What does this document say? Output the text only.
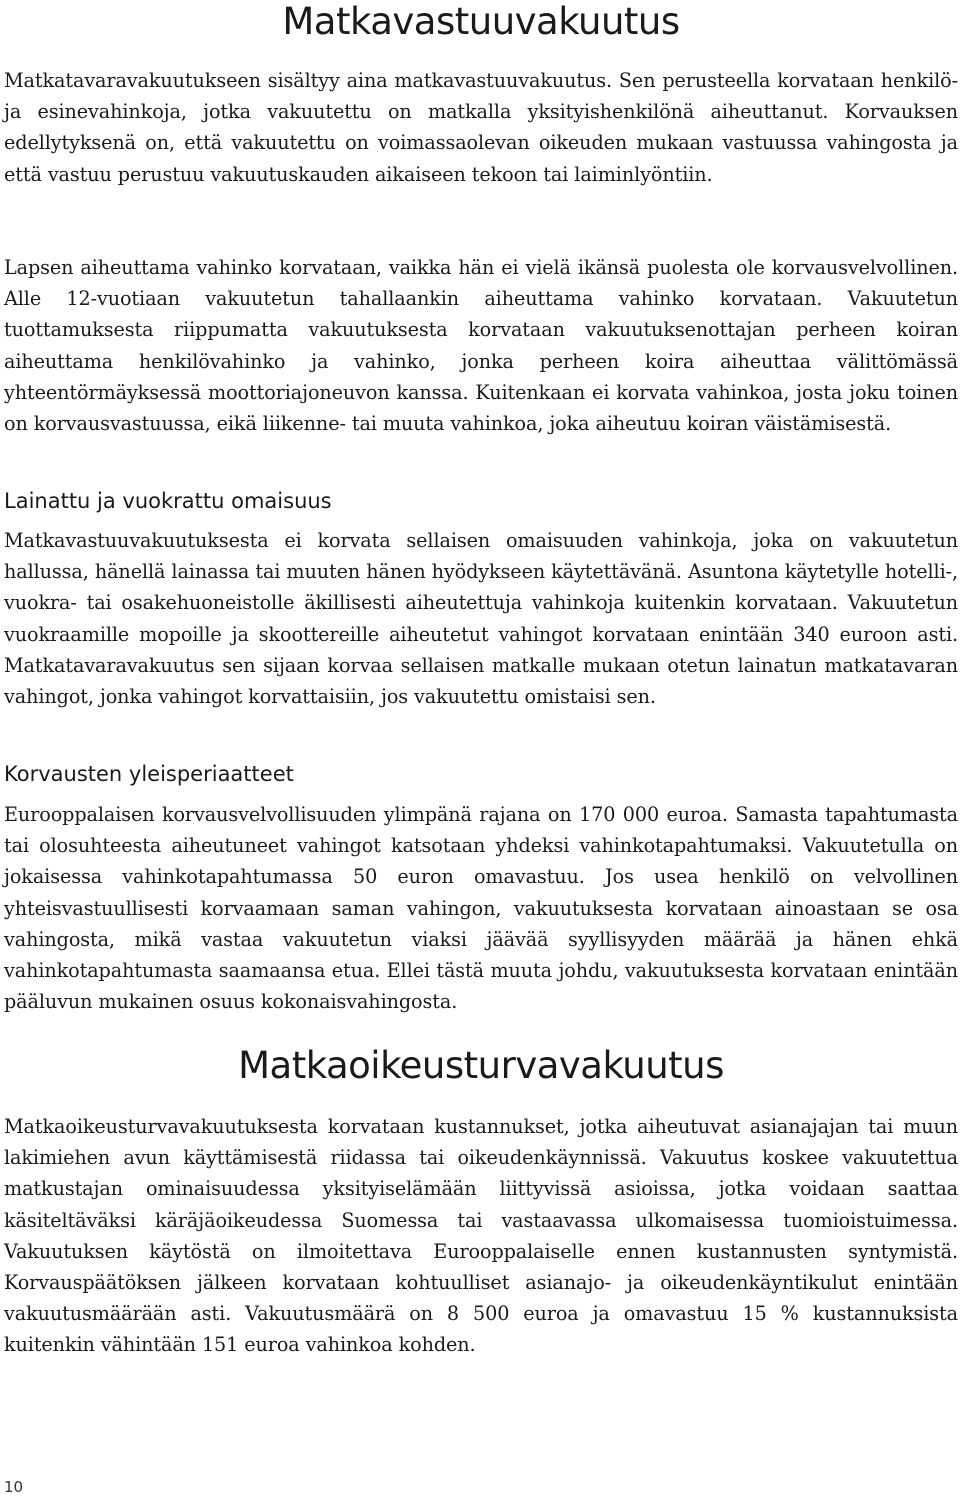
Matkavastuuvakuutus

Matkatavaravakuutukseen sisältyy aina matkavastuuvakuutus. Sen perusteella korvataan henkilö- ja esinevahinkoja, jotka vakuutettu on matkalla yksityishenkilönä aiheuttanut. Korvauksen edellytyksenä on, että vakuutettu on voimassaolevan oikeuden mukaan vastuussa vahingosta ja että vastuu perustuu vakuutuskauden aikaiseen tekoon tai laiminlyöntiin.

Lapsen aiheuttama vahinko korvataan, vaikka hän ei vielä ikänsä puolesta ole korvausvelvollinen. Alle 12-vuotiaan vakuutetun tahallaankin aiheuttama vahinko korvataan. Vakuutetun tuottamuksesta riippumatta vakuutuksesta korvataan vakuutuksenottajan perheen koiran aiheuttama henkilövahinko ja vahinko, jonka perheen koira aiheuttaa välittömässä yhteentörmäyksessä moottoriajoneuvon kanssa. Kuitenkaan ei korvata vahinkoa, josta joku toinen on korvausvastuussa, eikä liikenne- tai muuta vahinkoa, joka aiheutuu koiran väistämisestä.

Lainattu ja vuokrattu omaisuus

Matkavastuuvakuutuksesta ei korvata sellaisen omaisuuden vahinkoja, joka on vakuutetun hallussa, hänellä lainassa tai muuten hänen hyödykseen käytettävänä. Asuntona käytetylle hotelli-, vuokra- tai osakehuoneistolle äkillisesti aiheutettuja vahinkoja kuitenkin korvataan. Vakuutetun vuokraamille mopoille ja skoottereille aiheutetut vahingot korvataan enintään 340 euroon asti. Matkatavaravakuutus sen sijaan korvaa sellaisen matkalle mukaan otetun lainatun matkatavaran vahingot, jonka vahingot korvattaisiin, jos vakuutettu omistaisi sen.

Korvausten yleisperiaatteet

Eurooppalaisen korvausvelvollisuuden ylimpänä rajana on 170 000 euroa. Samasta tapahtumasta tai olosuhteesta aiheutuneet vahingot katsotaan yhdeksi vahinkotapahtumaksi. Vakuutetulla on jokaisessa vahinkotapahtumassa 50 euron omavastuu. Jos usea henkilö on velvollinen yhteisvastuullisesti korvaamaan saman vahingon, vakuutuksesta korvataan ainoastaan se osa vahingosta, mikä vastaa vakuutetun viaksi jäävää syyllisyyden määrää ja hänen ehkä vahinkotapahtumasta saamaansa etua. Ellei tästä muuta johdu, vakuutuksesta korvataan enintään pääluvun mukainen osuus kokonaisvahingosta.

Matkaoikeusturvavakuutus

Matkaoikeusturvavakuutuksesta korvataan kustannukset, jotka aiheutuvat asianajajan tai muun lakimiehen avun käyttämisestä riidassa tai oikeudenkäynnissä. Vakuutus koskee vakuutettua matkustajan ominaisuudessa yksityiselämään liittyvissä asioissa, jotka voidaan saattaa käsiteltäväksi käräjäoikeudessa Suomessa tai vastaavassa ulkomaisessa tuomioistuimessa. Vakuutuksen käytöstä on ilmoitettava Eurooppalaiselle ennen kustannusten syntymistä. Korvauspäätöksen jälkeen korvataan kohtuulliset asianajo- ja oikeudenkäyntikulut enintään vakuutusmäärään asti. Vakuutusmäärä on 8 500 euroa ja omavastuu 15 % kustannuksista kuitenkin vähintään 151 euroa vahinkoa kohden.

10
